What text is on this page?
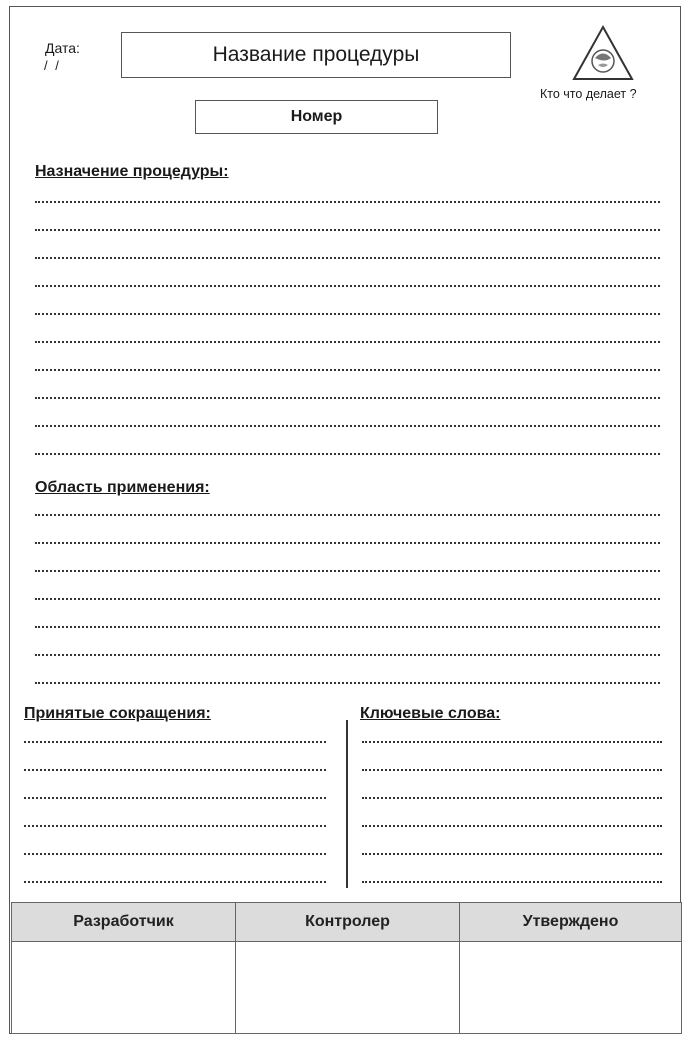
Дата:
/ /	Название процедуры
Кто что делает ?
Номер
Назначение процедуры:
Область применения:
Принятые сокращения:	Ключевые слова:
Разработчик	Контролер	Утверждено
